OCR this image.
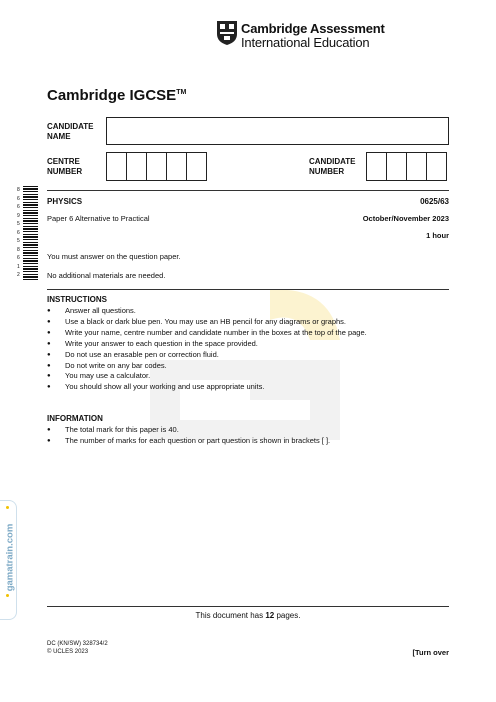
Cambridge Assessment
International Education
Cambridge IGCSE™
CANDIDATE
NAME
CENTRE
NUMBER
CANDIDATE
NUMBER
8 6 6 9 5 6 5 8 6 1 2
PHYSICS	0625/63
Paper 6 Alternative to Practical	October/November 2023
1 hour
You must answer on the question paper.
No additional materials are needed.
INSTRUCTIONS
● Answer all questions.
● Use a black or dark blue pen. You may use an HB pencil for any diagrams or graphs.
● Write your name, centre number and candidate number in the boxes at the top of the page.
● Write your answer to each question in the space provided.
● Do not use an erasable pen or correction fluid.
● Do not write on any bar codes.
● You may use a calculator.
● You should show all your working and use appropriate units.
INFORMATION
● The total mark for this paper is 40.
● The number of marks for each question or part question is shown in brackets [ ].
gamatrain.com
This document has 12 pages.
DC (KN/SW) 328734/2
© UCLES 2023	[Turn over
